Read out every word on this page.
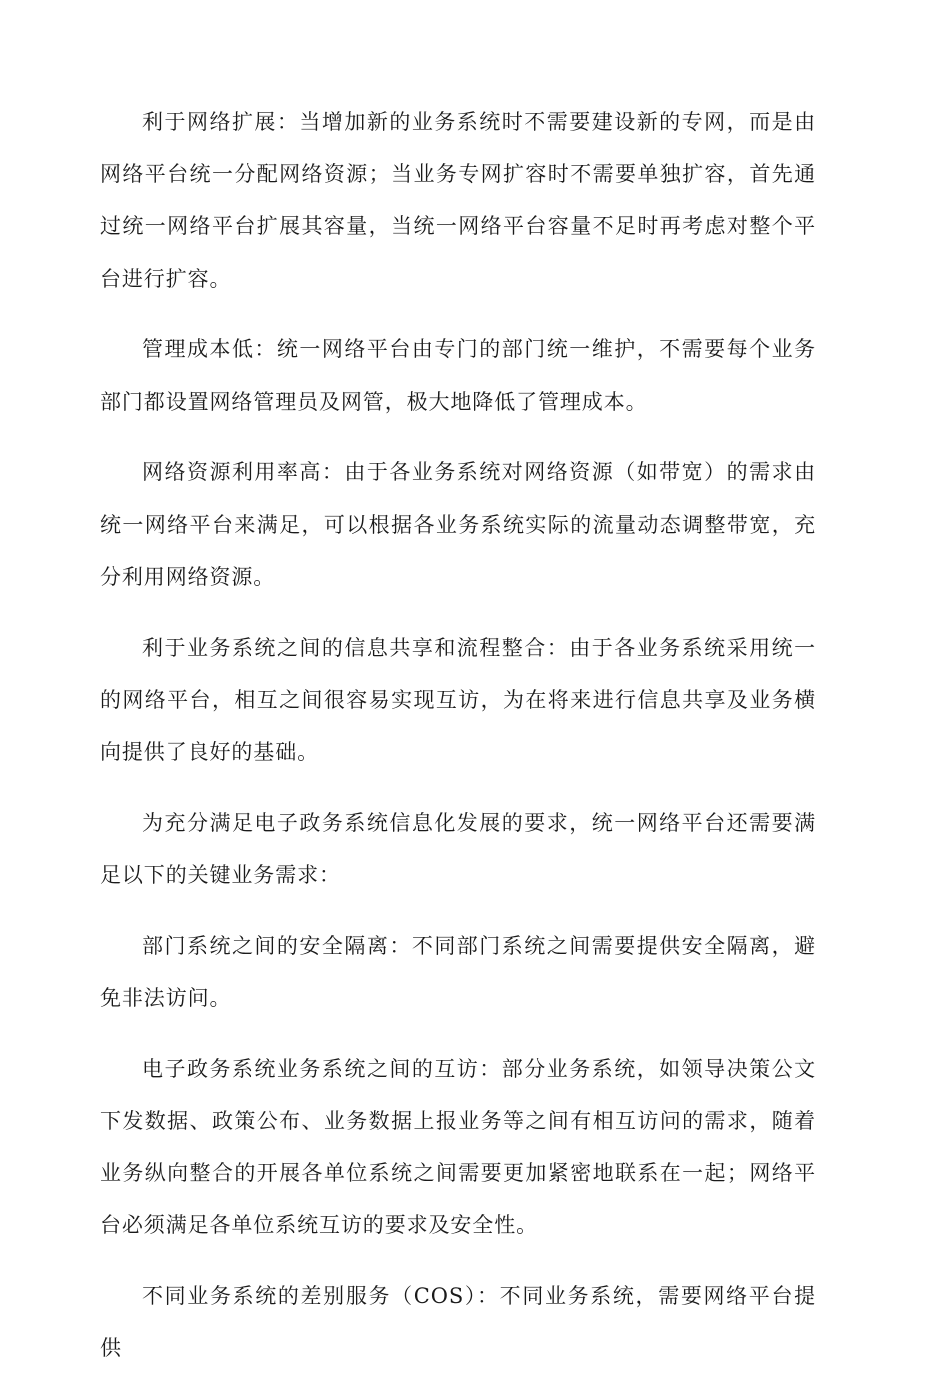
利于网络扩展：当增加新的业务系统时不需要建设新的专网，而是由网络平台统一分配网络资源；当业务专网扩容时不需要单独扩容，首先通过统一网络平台扩展其容量，当统一网络平台容量不足时再考虑对整个平台进行扩容。

管理成本低：统一网络平台由专门的部门统一维护，不需要每个业务部门都设置网络管理员及网管，极大地降低了管理成本。

网络资源利用率高：由于各业务系统对网络资源（如带宽）的需求由统一网络平台来满足，可以根据各业务系统实际的流量动态调整带宽，充分利用网络资源。

利于业务系统之间的信息共享和流程整合：由于各业务系统采用统一的网络平台，相互之间很容易实现互访，为在将来进行信息共享及业务横向提供了良好的基础。

为充分满足电子政务系统信息化发展的要求，统一网络平台还需要满足以下的关键业务需求：

部门系统之间的安全隔离：不同部门系统之间需要提供安全隔离，避免非法访问。

电子政务系统业务系统之间的互访：部分业务系统，如领导决策公文下发数据、政策公布、业务数据上报业务等之间有相互访问的需求，随着业务纵向整合的开展各单位系统之间需要更加紧密地联系在一起；网络平台必须满足各单位系统互访的要求及安全性。

不同业务系统的差别服务（COS）：不同业务系统，需要网络平台提供
